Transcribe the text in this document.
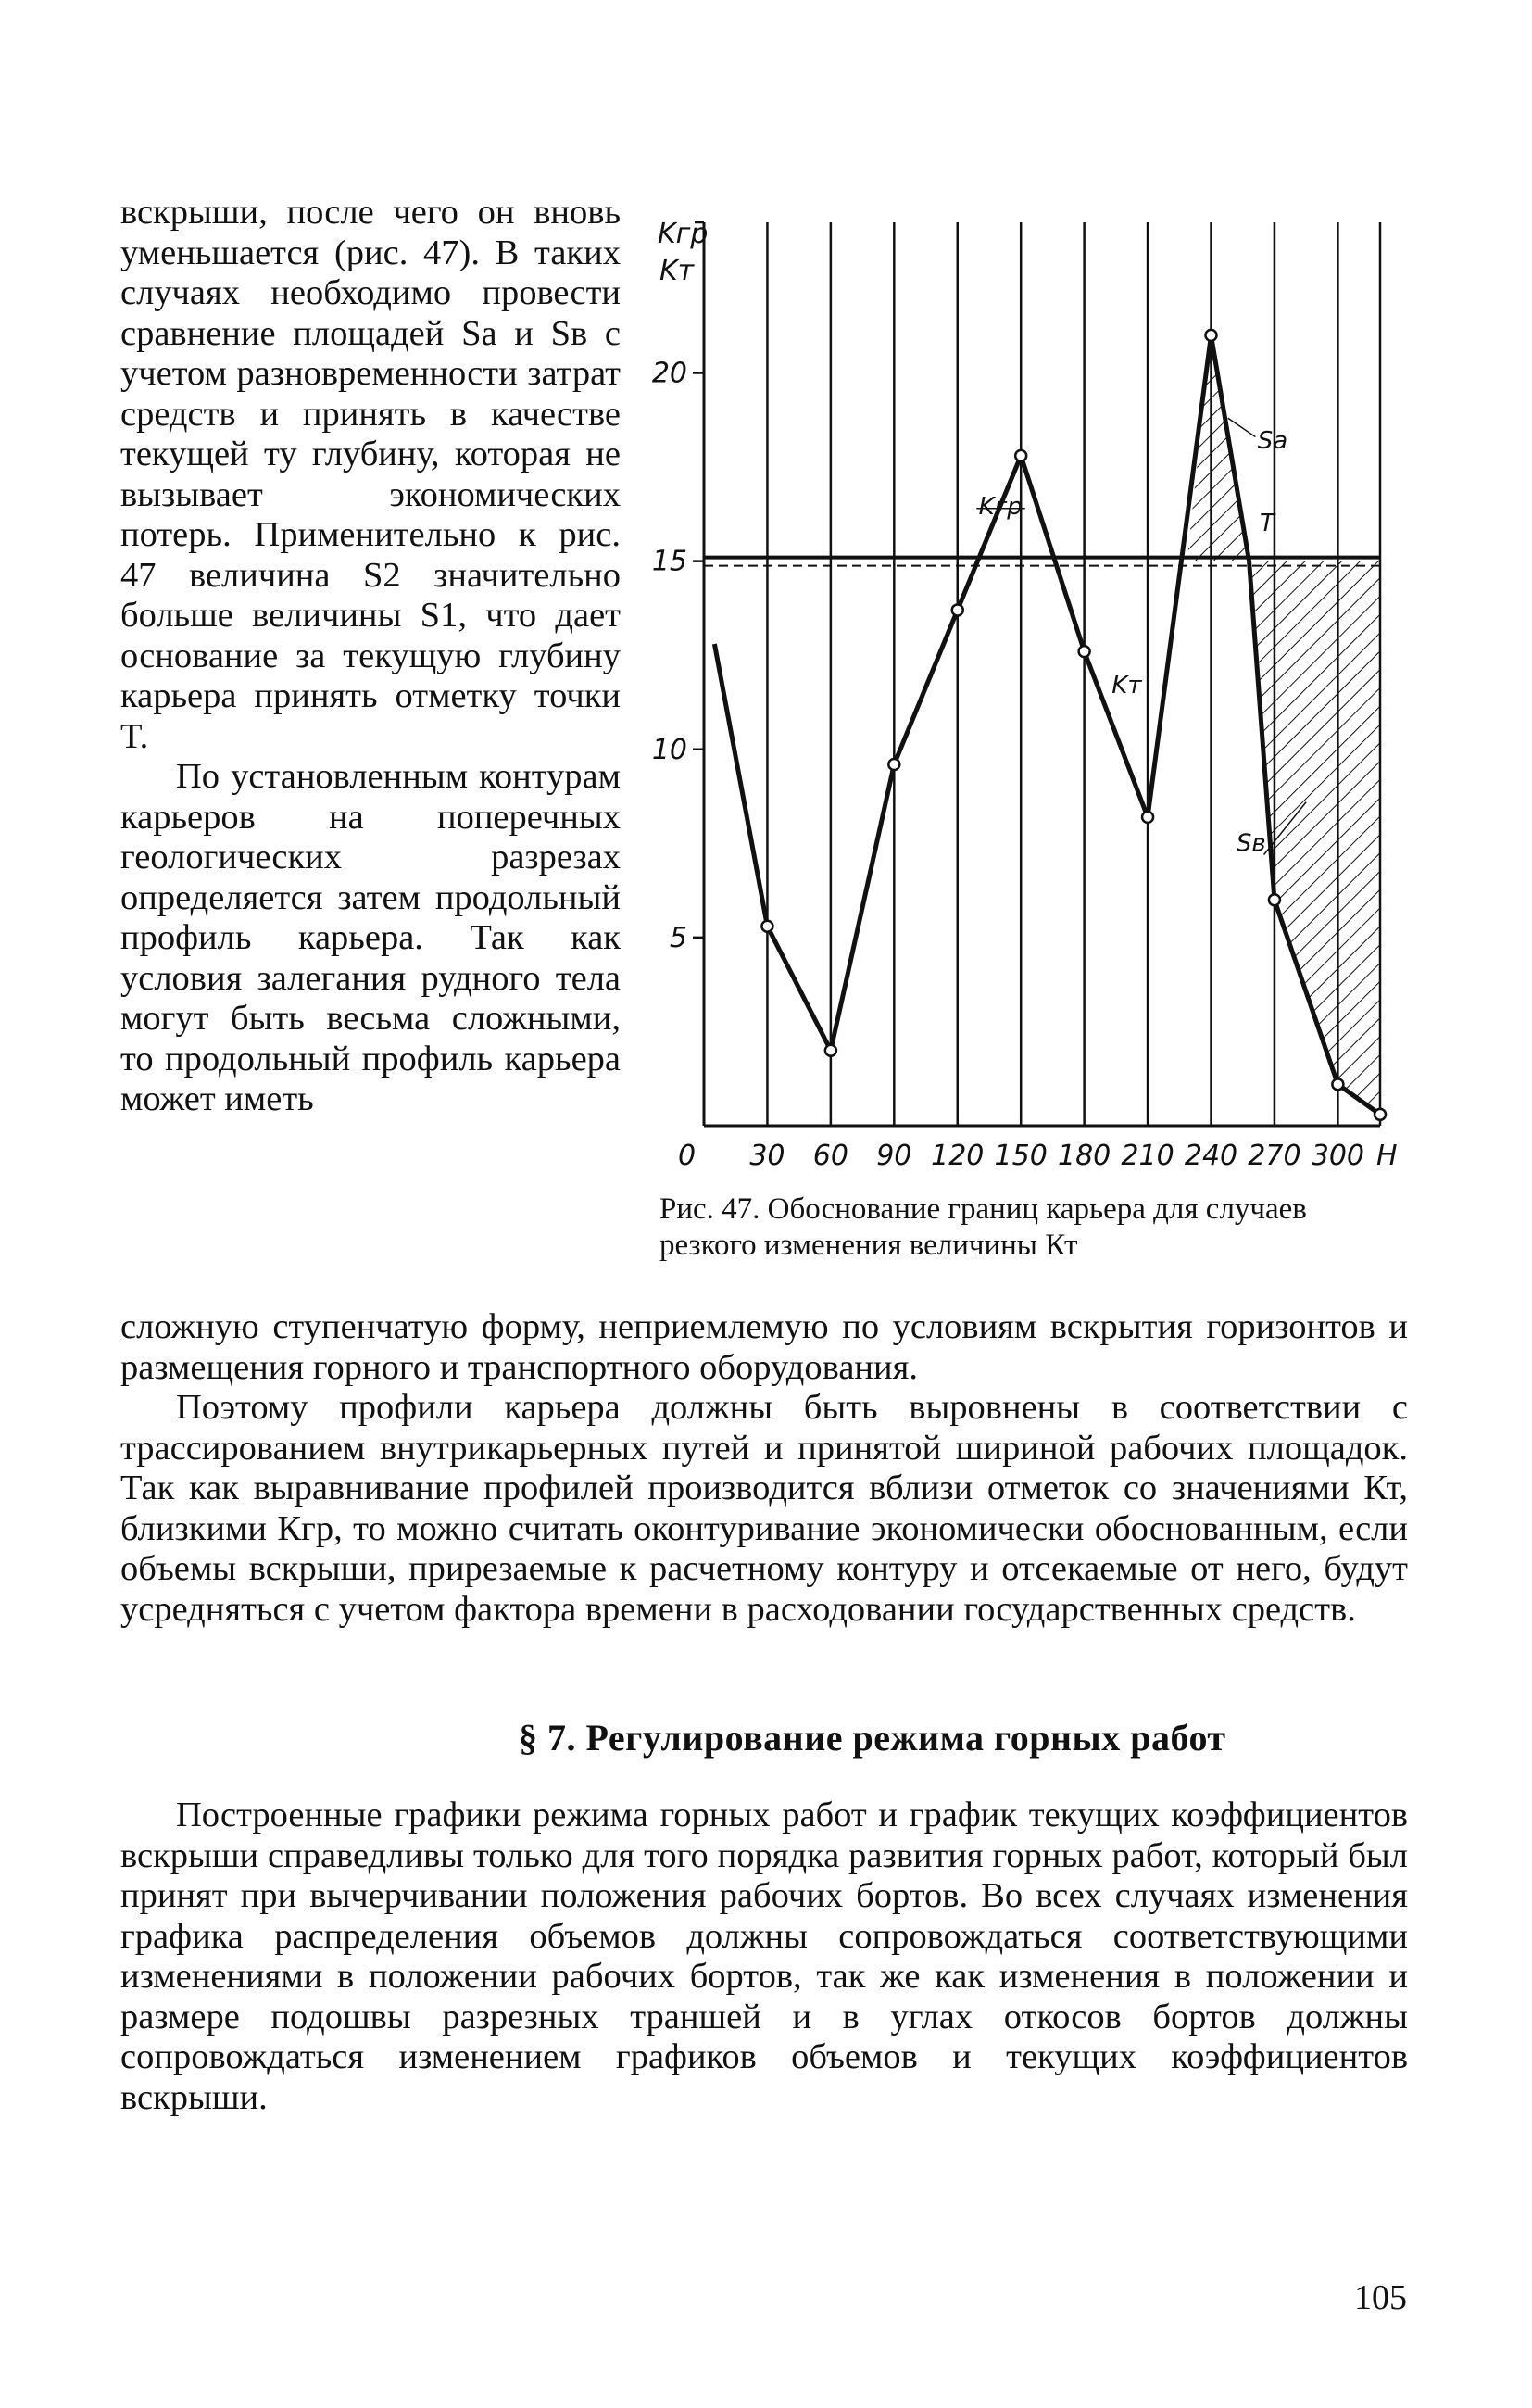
вскрыши, после чего он вновь уменьшается (рис. 47). В таких случаях необходимо провести сравнение площадей Sа и Sв с учетом разновременности затрат средств и принять в качестве текущей ту глубину, которая не вызывает экономических потерь. Применительно к рис. 47 величина S2 значительно больше величины S1, что дает основание за текущую глубину карьера принять отметку точки T.

По установленным контурам карьеров на поперечных геологических разрезах определяется затем продольный профиль карьера. Так как условия залегания рудного тела могут быть весьма сложными, то продольный профиль карьера может иметь

5
10
15
20
Kгр
Kт
0 30 60 90 120 150 180 210 240 270 300 H
Kгр
Kт
Sа
T
Sв
Рис. 47. Обоснование границ карьера для случаев резкого изменения величины Кт

сложную ступенчатую форму, неприемлемую по условиям вскрытия горизонтов и размещения горного и транспортного оборудования.

Поэтому профили карьера должны быть выровнены в соответствии с трассированием внутрикарьерных путей и принятой шириной рабочих площадок. Так как выравнивание профилей производится вблизи отметок со значениями Кт, близкими Кгр, то можно считать оконтуривание экономически обоснованным, если объемы вскрыши, прирезаемые к расчетному контуру и отсекаемые от него, будут усредняться с учетом фактора времени в расходовании государственных средств.

§ 7. Регулирование режима горных работ

Построенные графики режима горных работ и график текущих коэффициентов вскрыши справедливы только для того порядка развития горных работ, который был принят при вычерчивании положения рабочих бортов. Во всех случаях изменения графика распределения объемов должны сопровождаться соответствующими изменениями в положении рабочих бортов, так же как изменения в положении и размере подошвы разрезных траншей и в углах откосов бортов должны сопровождаться изменением графиков объемов и текущих коэффициентов вскрыши.

105
